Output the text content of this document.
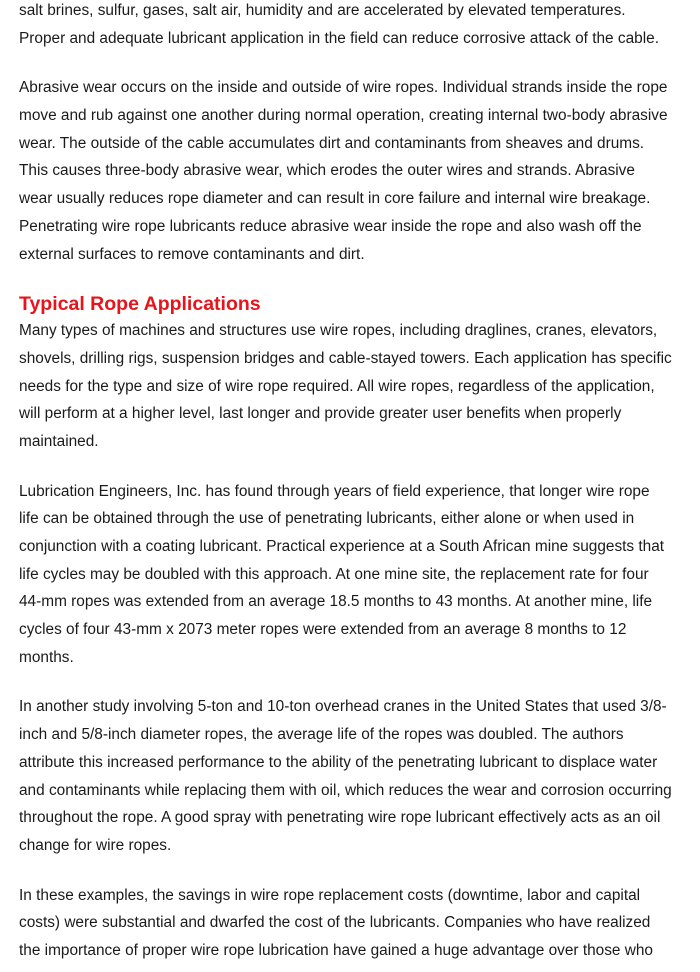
salt brines, sulfur, gases, salt air, humidity and are accelerated by elevated temperatures.
Proper and adequate lubricant application in the field can reduce corrosive attack of the cable.

Abrasive wear occurs on the inside and outside of wire ropes. Individual strands inside the rope
move and rub against one another during normal operation, creating internal two-body abrasive
wear. The outside of the cable accumulates dirt and contaminants from sheaves and drums.
This causes three-body abrasive wear, which erodes the outer wires and strands. Abrasive
wear usually reduces rope diameter and can result in core failure and internal wire breakage.
Penetrating wire rope lubricants reduce abrasive wear inside the rope and also wash off the
external surfaces to remove contaminants and dirt.

Typical Rope Applications

Many types of machines and structures use wire ropes, including draglines, cranes, elevators,
shovels, drilling rigs, suspension bridges and cable-stayed towers. Each application has specific
needs for the type and size of wire rope required. All wire ropes, regardless of the application,
will perform at a higher level, last longer and provide greater user benefits when properly
maintained.

Lubrication Engineers, Inc. has found through years of field experience, that longer wire rope
life can be obtained through the use of penetrating lubricants, either alone or when used in
conjunction with a coating lubricant. Practical experience at a South African mine suggests that
life cycles may be doubled with this approach. At one mine site, the replacement rate for four
44-mm ropes was extended from an average 18.5 months to 43 months. At another mine, life
cycles of four 43-mm x 2073 meter ropes were extended from an average 8 months to 12
months.

In another study involving 5-ton and 10-ton overhead cranes in the United States that used 3/8-
inch and 5/8-inch diameter ropes, the average life of the ropes was doubled. The authors
attribute this increased performance to the ability of the penetrating lubricant to displace water
and contaminants while replacing them with oil, which reduces the wear and corrosion occurring
throughout the rope. A good spray with penetrating wire rope lubricant effectively acts as an oil
change for wire ropes.

In these examples, the savings in wire rope replacement costs (downtime, labor and capital
costs) were substantial and dwarfed the cost of the lubricants. Companies who have realized
the importance of proper wire rope lubrication have gained a huge advantage over those who
